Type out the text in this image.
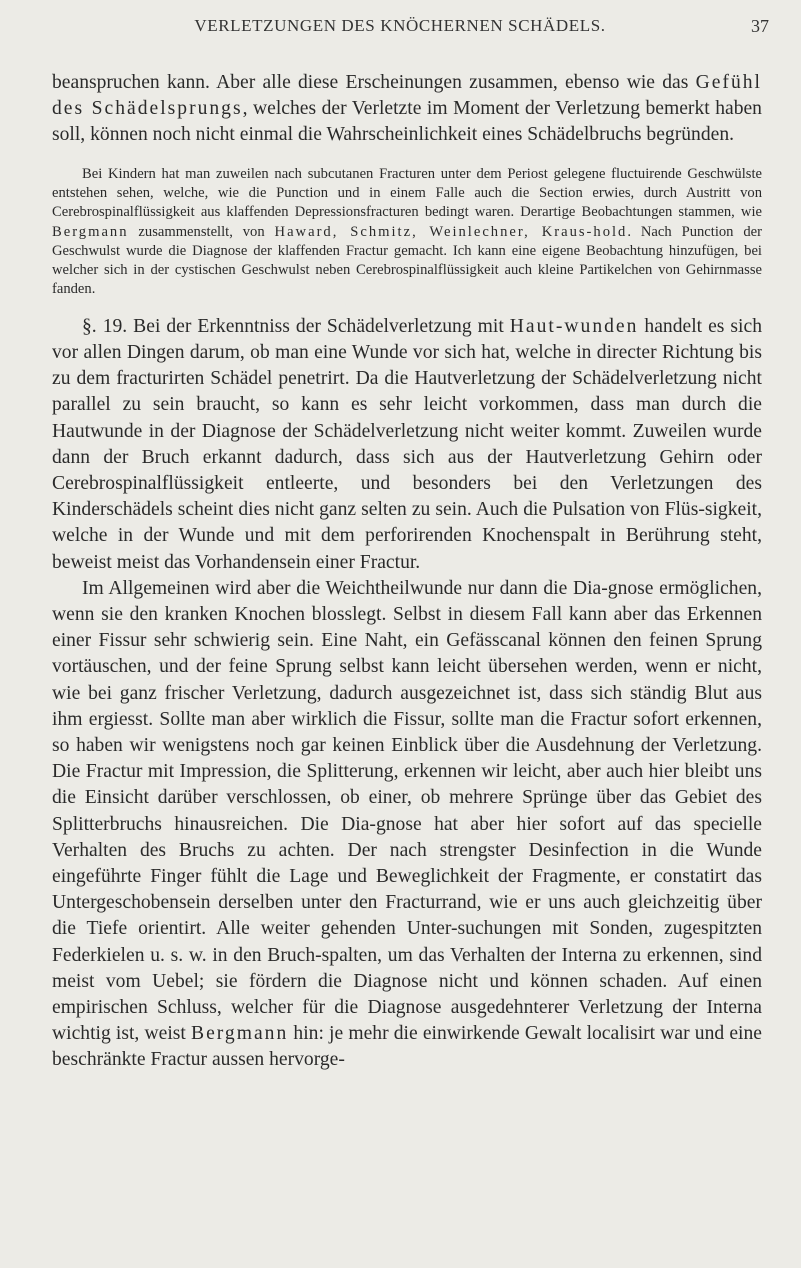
VERLETZUNGEN DES KNÖCHERNEN SCHÄDELS.	37

beanspruchen kann. Aber alle diese Erscheinungen zusammen, ebenso wie das Gefühl des Schädelsprungs, welches der Verletzte im Moment der Verletzung bemerkt haben soll, können noch nicht einmal die Wahrscheinlichkeit eines Schädelbruchs begründen.

Bei Kindern hat man zuweilen nach subcutanen Fracturen unter dem Periost gelegene fluctuirende Geschwülste entstehen sehen, welche, wie die Punction und in einem Falle auch die Section erwies, durch Austritt von Cerebrospinalflüssigkeit aus klaffenden Depressionsfracturen bedingt waren. Derartige Beobachtungen stammen, wie Bergmann zusammenstellt, von Haward, Schmitz, Weinlechner, Kraus-hold. Nach Punction der Geschwulst wurde die Diagnose der klaffenden Fractur gemacht. Ich kann eine eigene Beobachtung hinzufügen, bei welcher sich in der cystischen Geschwulst neben Cerebrospinalflüssigkeit auch kleine Partikelchen von Gehirnmasse fanden.

§. 19. Bei der Erkenntniss der Schädelverletzung mit Haut-wunden handelt es sich vor allen Dingen darum, ob man eine Wunde vor sich hat, welche in directer Richtung bis zu dem fracturirten Schädel penetrirt. Da die Hautverletzung der Schädelverletzung nicht parallel zu sein braucht, so kann es sehr leicht vorkommen, dass man durch die Hautwunde in der Diagnose der Schädelverletzung nicht weiter kommt. Zuweilen wurde dann der Bruch erkannt dadurch, dass sich aus der Hautverletzung Gehirn oder Cerebrospinalflüssigkeit entleerte, und besonders bei den Verletzungen des Kinderschädels scheint dies nicht ganz selten zu sein. Auch die Pulsation von Flüs-sigkeit, welche in der Wunde und mit dem perforirenden Knochenspalt in Berührung steht, beweist meist das Vorhandensein einer Fractur.

Im Allgemeinen wird aber die Weichtheilwunde nur dann die Dia-gnose ermöglichen, wenn sie den kranken Knochen blosslegt. Selbst in diesem Fall kann aber das Erkennen einer Fissur sehr schwierig sein. Eine Naht, ein Gefässcanal können den feinen Sprung vortäuschen, und der feine Sprung selbst kann leicht übersehen werden, wenn er nicht, wie bei ganz frischer Verletzung, dadurch ausgezeichnet ist, dass sich ständig Blut aus ihm ergiesst. Sollte man aber wirklich die Fissur, sollte man die Fractur sofort erkennen, so haben wir wenigstens noch gar keinen Einblick über die Ausdehnung der Verletzung. Die Fractur mit Impression, die Splitterung, erkennen wir leicht, aber auch hier bleibt uns die Einsicht darüber verschlossen, ob einer, ob mehrere Sprünge über das Gebiet des Splitterbruchs hinausreichen. Die Dia-gnose hat aber hier sofort auf das specielle Verhalten des Bruchs zu achten. Der nach strengster Desinfection in die Wunde eingeführte Finger fühlt die Lage und Beweglichkeit der Fragmente, er constatirt das Untergeschobensein derselben unter den Fracturrand, wie er uns auch gleichzeitig über die Tiefe orientirt. Alle weiter gehenden Unter-suchungen mit Sonden, zugespitzten Federkielen u. s. w. in den Bruch-spalten, um das Verhalten der Interna zu erkennen, sind meist vom Uebel; sie fördern die Diagnose nicht und können schaden. Auf einen empirischen Schluss, welcher für die Diagnose ausgedehnterer Verletzung der Interna wichtig ist, weist Bergmann hin: je mehr die einwirkende Gewalt localisirt war und eine beschränkte Fractur aussen hervorge-
